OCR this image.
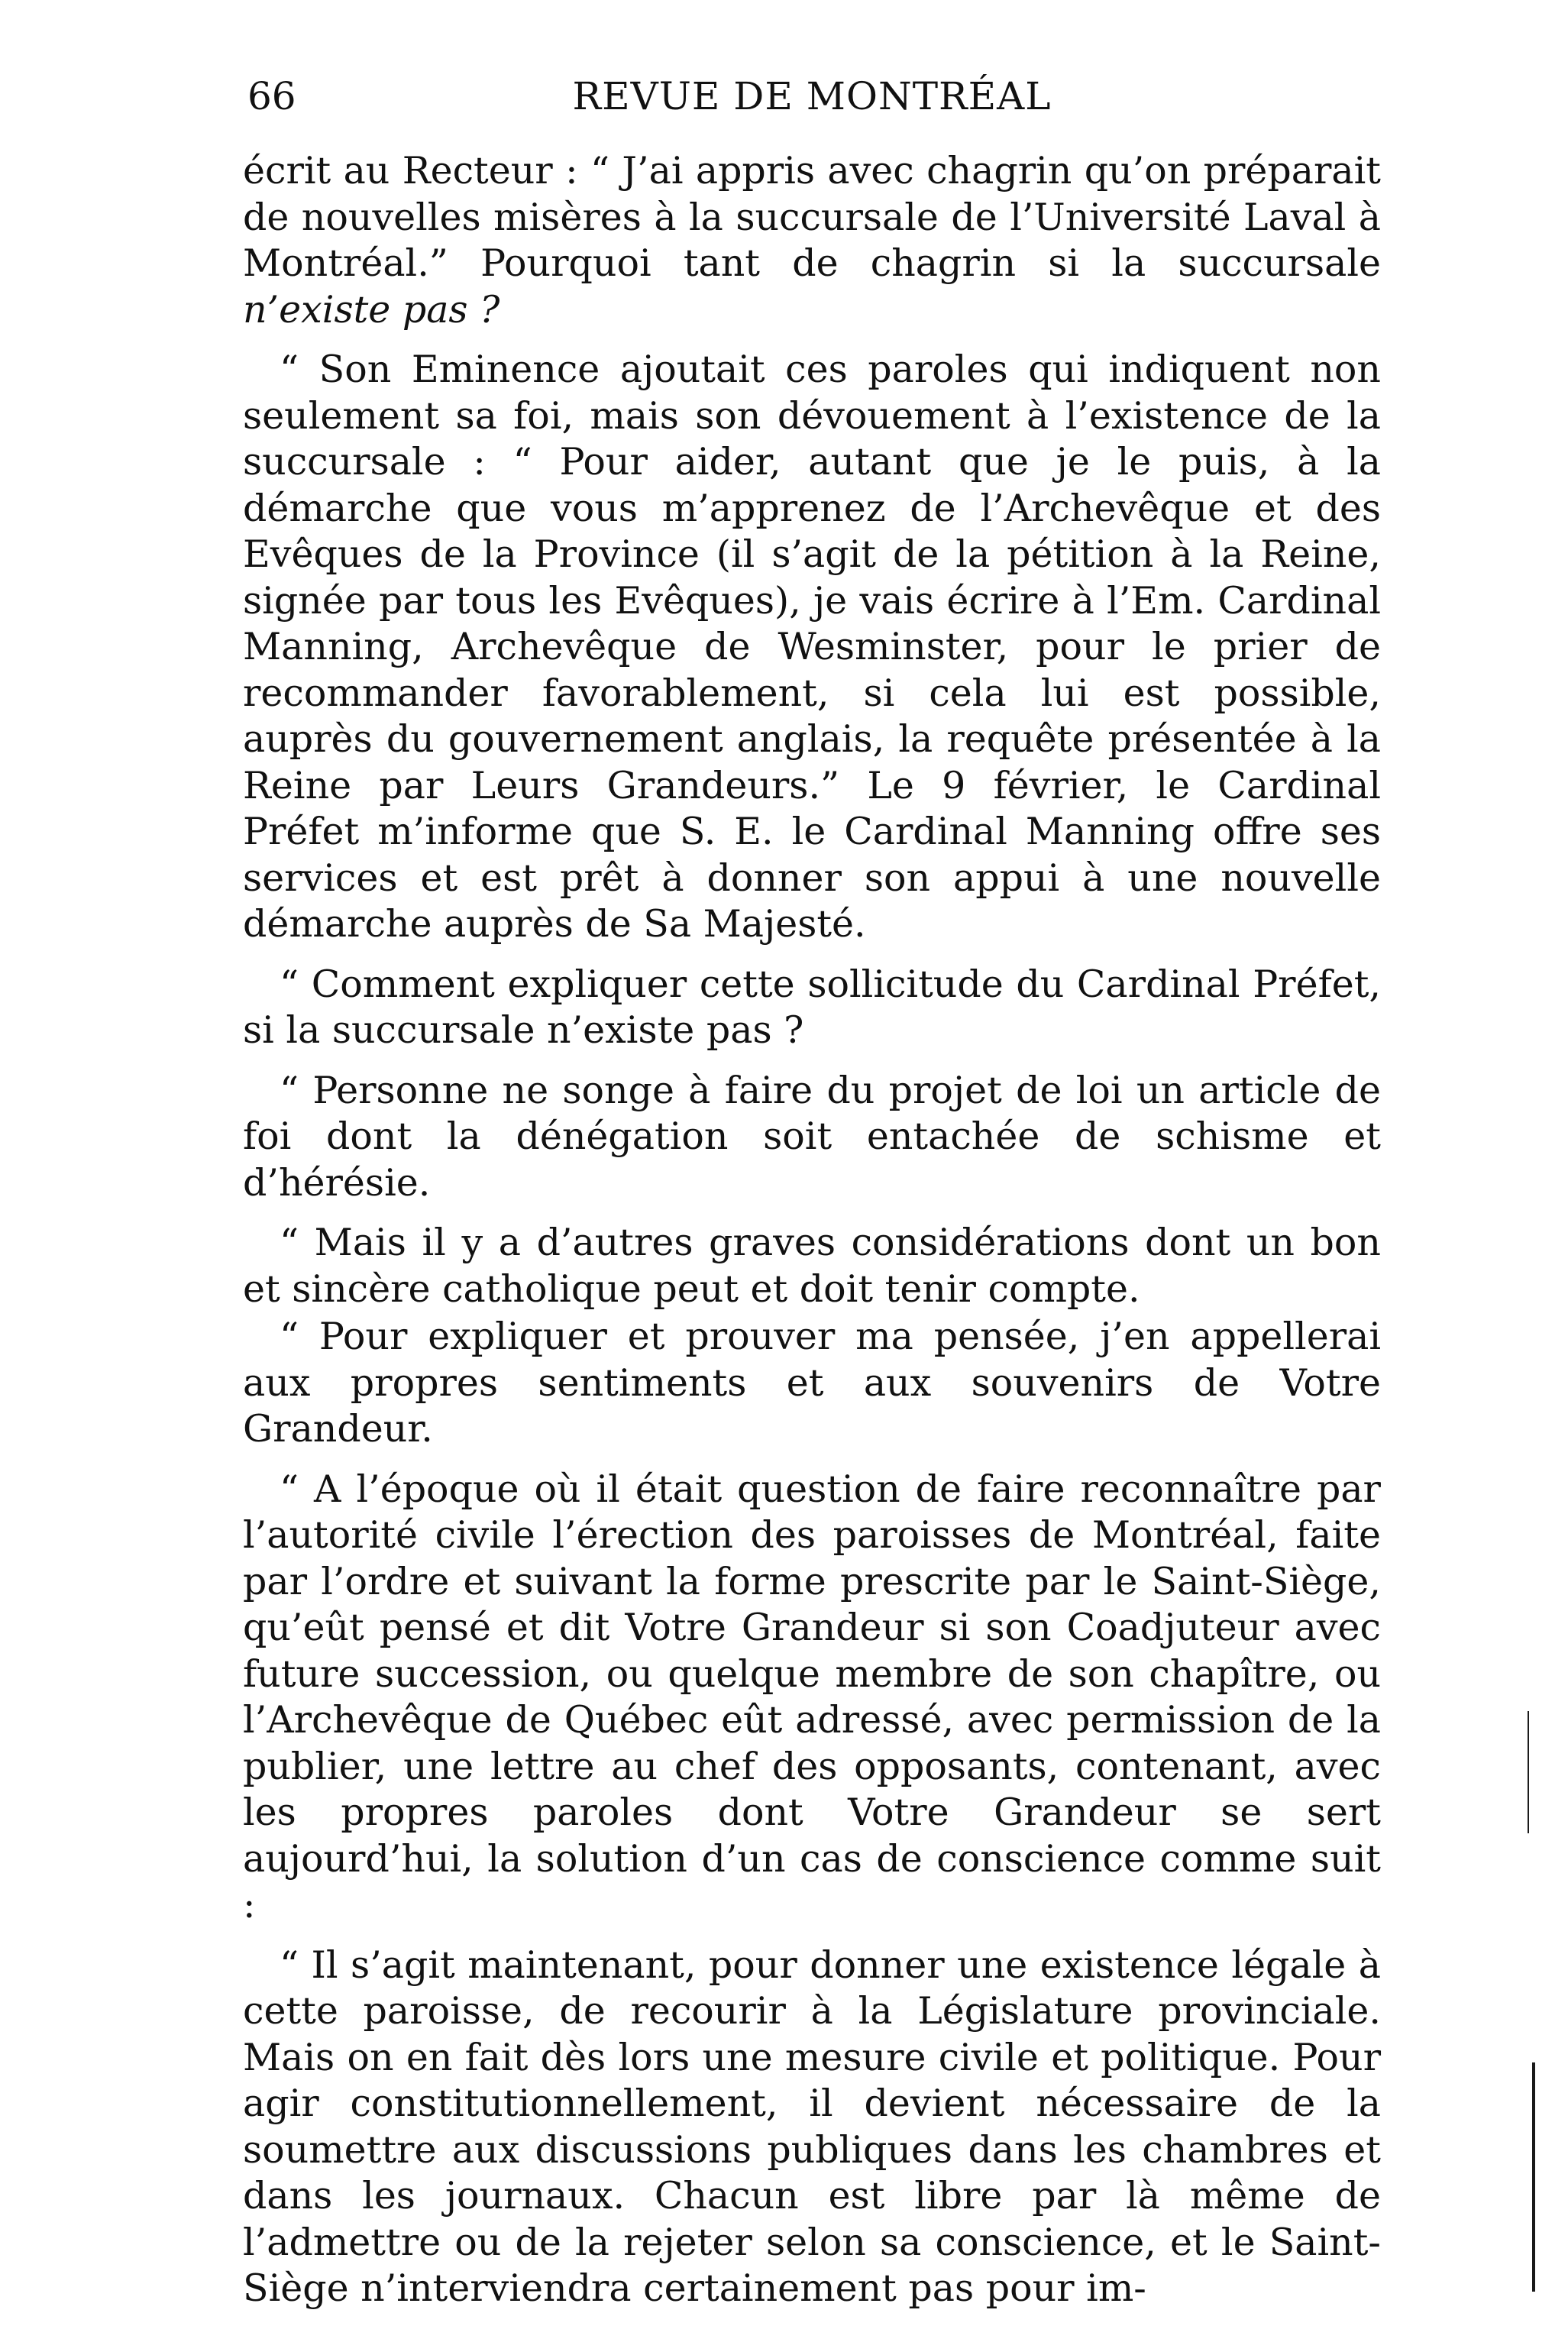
66	REVUE DE MONTRÉAL

écrit au Recteur : “ J’ai appris avec chagrin qu’on préparait de nouvelles misères à la succursale de l’Université Laval à Montréal.” Pourquoi tant de chagrin si la succursale n’existe pas ?

“ Son Eminence ajoutait ces paroles qui indiquent non seulement sa foi, mais son dévouement à l’existence de la succursale : “ Pour aider, autant que je le puis, à la démarche que vous m’apprenez de l’Archevêque et des Evêques de la Province (il s’agit de la pétition à la Reine, signée par tous les Evêques), je vais écrire à l’Em. Cardinal Manning, Archevêque de Wesminster, pour le prier de recommander favorablement, si cela lui est possible, auprès du gouvernement anglais, la requête présentée à la Reine par Leurs Grandeurs.” Le 9 février, le Cardinal Préfet m’informe que S. E. le Cardinal Manning offre ses services et est prêt à donner son appui à une nouvelle démarche auprès de Sa Majesté.

“ Comment expliquer cette sollicitude du Cardinal Préfet, si la succursale n’existe pas ?

“ Personne ne songe à faire du projet de loi un article de foi dont la dénégation soit entachée de schisme et d’hérésie.

“ Mais il y a d’autres graves considérations dont un bon et sincère catholique peut et doit tenir compte.

“ Pour expliquer et prouver ma pensée, j’en appellerai aux propres sentiments et aux souvenirs de Votre Grandeur.

“ A l’époque où il était question de faire reconnaître par l’autorité civile l’érection des paroisses de Montréal, faite par l’ordre et suivant la forme prescrite par le Saint-Siège, qu’eût pensé et dit Votre Grandeur si son Coadjuteur avec future succession, ou quelque membre de son chapître, ou l’Archevêque de Québec eût adressé, avec permission de la publier, une lettre au chef des opposants, contenant, avec les propres paroles dont Votre Grandeur se sert aujourd’hui, la solution d’un cas de conscience comme suit :

“ Il s’agit maintenant, pour donner une existence légale à cette paroisse, de recourir à la Législature provinciale. Mais on en fait dès lors une mesure civile et politique. Pour agir constitutionnellement, il devient nécessaire de la soumettre aux discussions publiques dans les chambres et dans les journaux. Chacun est libre par là même de l’admettre ou de la rejeter selon sa conscience, et le Saint-Siège n’interviendra certainement pas pour im-
